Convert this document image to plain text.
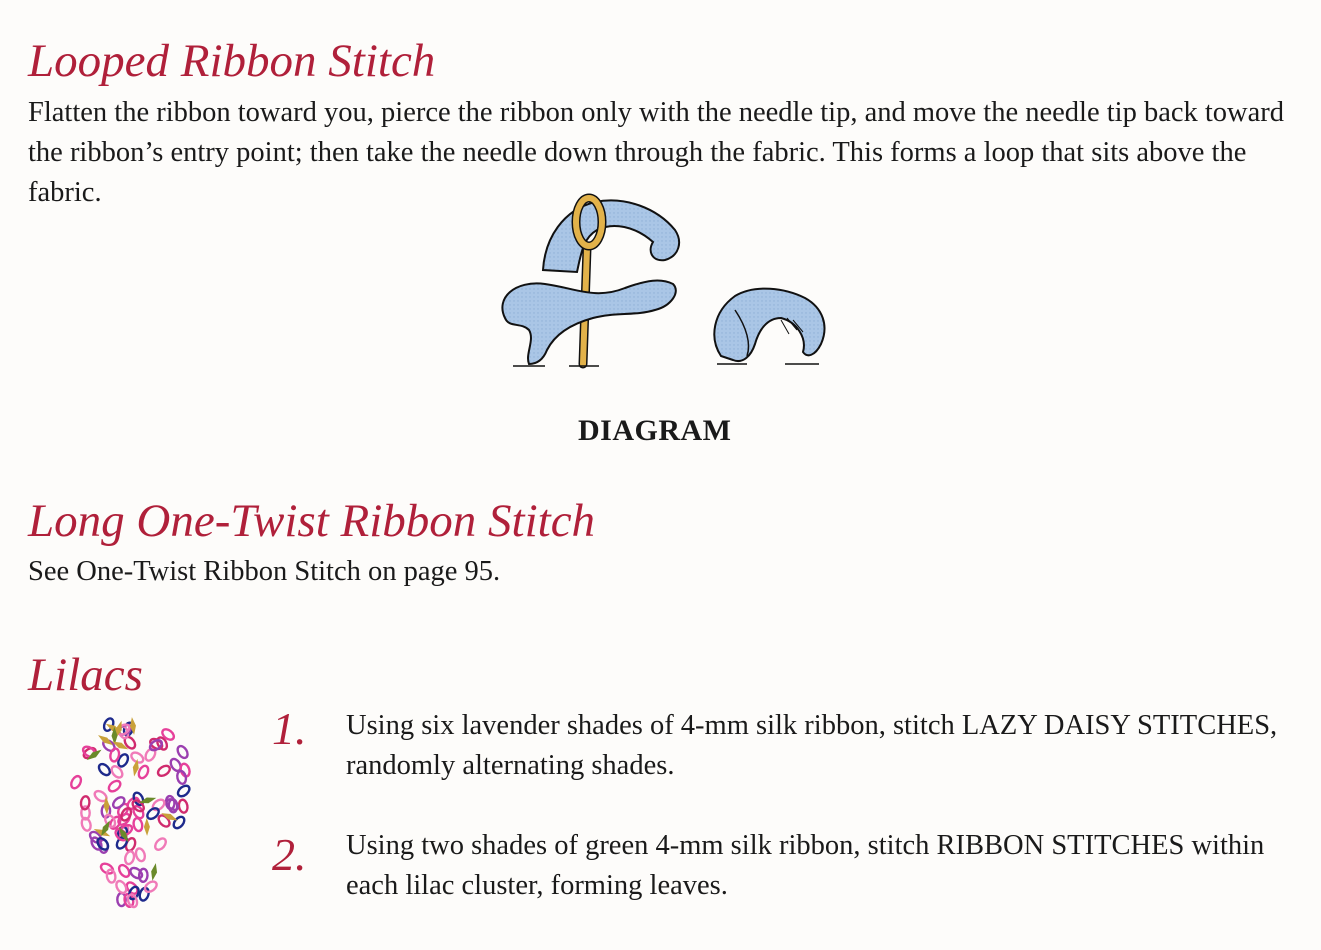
Looped Ribbon Stitch

Flatten the ribbon toward you, pierce the ribbon only with the needle tip, and move the needle tip back toward the ribbon’s entry point; then take the needle down through the fabric. This forms a loop that sits above the fabric.

DIAGRAM

Long One-Twist Ribbon Stitch

See One-Twist Ribbon Stitch on page 95.

Lilacs
1. Using six lavender shades of 4-mm silk ribbon, stitch LAZY DAISY STITCHES, randomly alternating shades.

2. Using two shades of green 4-mm silk ribbon, stitch RIBBON STITCHES within each lilac cluster, forming leaves.
